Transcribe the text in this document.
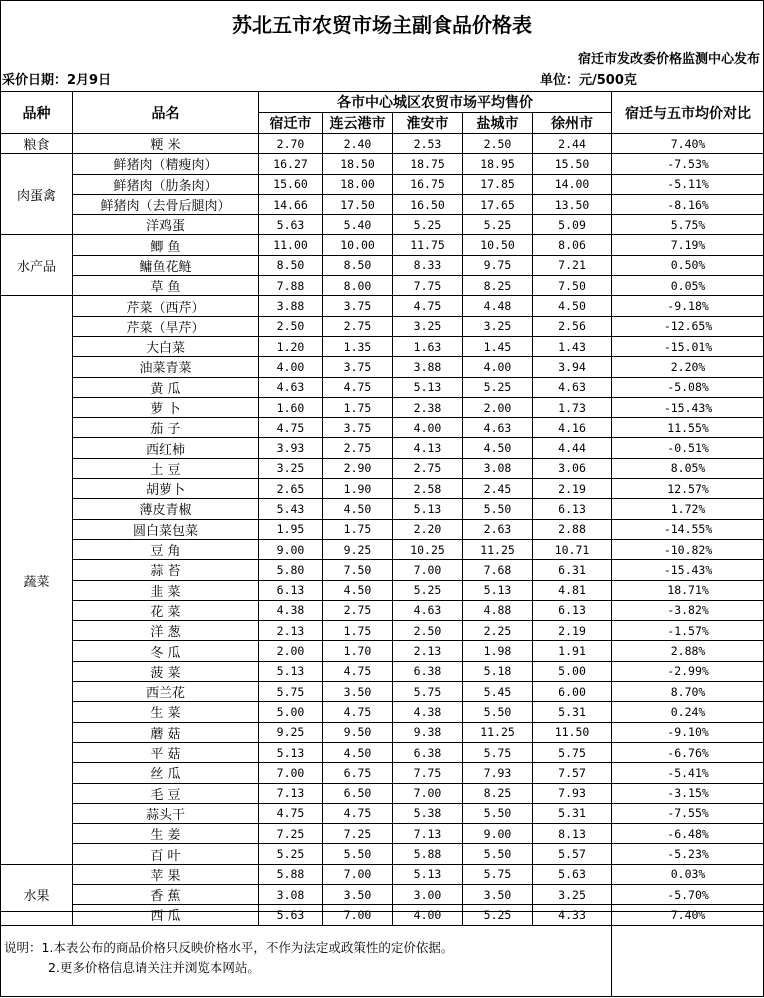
苏北五市农贸市场主副食品价格表
宿迁市发改委价格监测中心发布
采价日期：2月9日	单位：元/500克
品种	品名	各市中心城区农贸市场平均售价					宿迁与五市均价对比
		宿迁市	连云港市	淮安市	盐城市	徐州市	
粮食	粳 米	2.70	2.40	2.53	2.50	2.44	7.40%
肉蛋禽	鲜猪肉（精瘦肉）	16.27	18.50	18.75	18.95	15.50	-7.53%
	鲜猪肉（肋条肉）	15.60	18.00	16.75	17.85	14.00	-5.11%
	鲜猪肉（去骨后腿肉）	14.66	17.50	16.50	17.65	13.50	-8.16%
	洋鸡蛋	5.63	5.40	5.25	5.25	5.09	5.75%
水产品	鲫 鱼	11.00	10.00	11.75	10.50	8.06	7.19%
	鳙鱼花鲢	8.50	8.50	8.33	9.75	7.21	0.50%
	草 鱼	7.88	8.00	7.75	8.25	7.50	0.05%
蔬菜	芹菜（西芹）	3.88	3.75	4.75	4.48	4.50	-9.18%
	芹菜（旱芹）	2.50	2.75	3.25	3.25	2.56	-12.65%
	大白菜	1.20	1.35	1.63	1.45	1.43	-15.01%
	油菜青菜	4.00	3.75	3.88	4.00	3.94	2.20%
	黄 瓜	4.63	4.75	5.13	5.25	4.63	-5.08%
	萝 卜	1.60	1.75	2.38	2.00	1.73	-15.43%
	茄 子	4.75	3.75	4.00	4.63	4.16	11.55%
	西红柿	3.93	2.75	4.13	4.50	4.44	-0.51%
	土 豆	3.25	2.90	2.75	3.08	3.06	8.05%
	胡萝卜	2.65	1.90	2.58	2.45	2.19	12.57%
	薄皮青椒	5.43	4.50	5.13	5.50	6.13	1.72%
	圆白菜包菜	1.95	1.75	2.20	2.63	2.88	-14.55%
	豆 角	9.00	9.25	10.25	11.25	10.71	-10.82%
	蒜 苔	5.80	7.50	7.00	7.68	6.31	-15.43%
	韭 菜	6.13	4.50	5.25	5.13	4.81	18.71%
	花 菜	4.38	2.75	4.63	4.88	6.13	-3.82%
	洋 葱	2.13	1.75	2.50	2.25	2.19	-1.57%
	冬 瓜	2.00	1.70	2.13	1.98	1.91	2.88%
	菠 菜	5.13	4.75	6.38	5.18	5.00	-2.99%
	西兰花	5.75	3.50	5.75	5.45	6.00	8.70%
	生 菜	5.00	4.75	4.38	5.50	5.31	0.24%
	蘑 菇	9.25	9.50	9.38	11.25	11.50	-9.10%
	平 菇	5.13	4.50	6.38	5.75	5.75	-6.76%
	丝 瓜	7.00	6.75	7.75	7.93	7.57	-5.41%
	毛 豆	7.13	6.50	7.00	8.25	7.93	-3.15%
	蒜头干	4.75	4.75	5.38	5.50	5.31	-7.55%
	生 姜	7.25	7.25	7.13	9.00	8.13	-6.48%
	百 叶	5.25	5.50	5.88	5.50	5.57	-5.23%
水果	苹 果	5.88	7.00	5.13	5.75	5.63	0.03%
	香 蕉	3.08	3.50	3.00	3.50	3.25	-5.70%
	西 瓜	5.63	7.00	4.00	5.25	4.33	7.40%
说明：1.本表公布的商品价格只反映价格水平，不作为法定或政策性的定价依据。
2.更多价格信息请关注并浏览本网站。
